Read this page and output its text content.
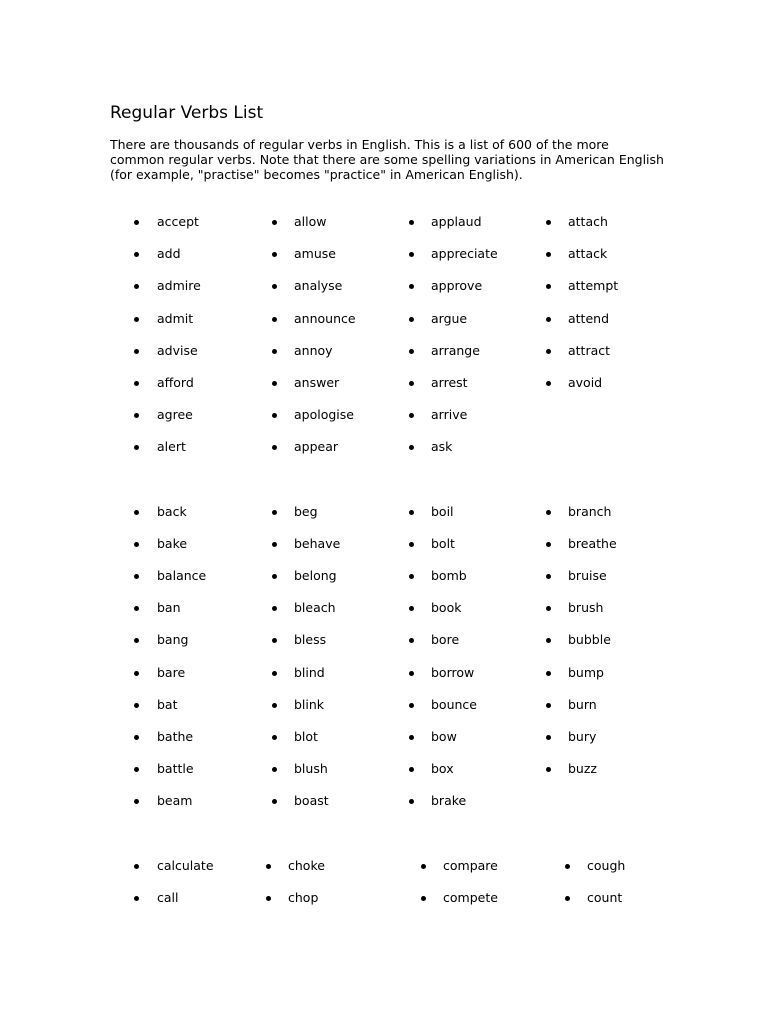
Regular Verbs List
There are thousands of regular verbs in English. This is a list of 600 of the more
common regular verbs. Note that there are some spelling variations in American English
(for example, "practise" becomes "practice" in American English).
accept
add
admire
admit
advise
afford
agree
alert
allow
amuse
analyse
announce
annoy
answer
apologise
appear
applaud
appreciate
approve
argue
arrange
arrest
arrive
ask
attach
attack
attempt
attend
attract
avoid
back
bake
balance
ban
bang
bare
bat
bathe
battle
beam
beg
behave
belong
bleach
bless
blind
blink
blot
blush
boast
boil
bolt
bomb
book
bore
borrow
bounce
bow
box
brake
branch
breathe
bruise
brush
bubble
bump
burn
bury
buzz
calculate
call
choke
chop
compare
compete
cough
count
